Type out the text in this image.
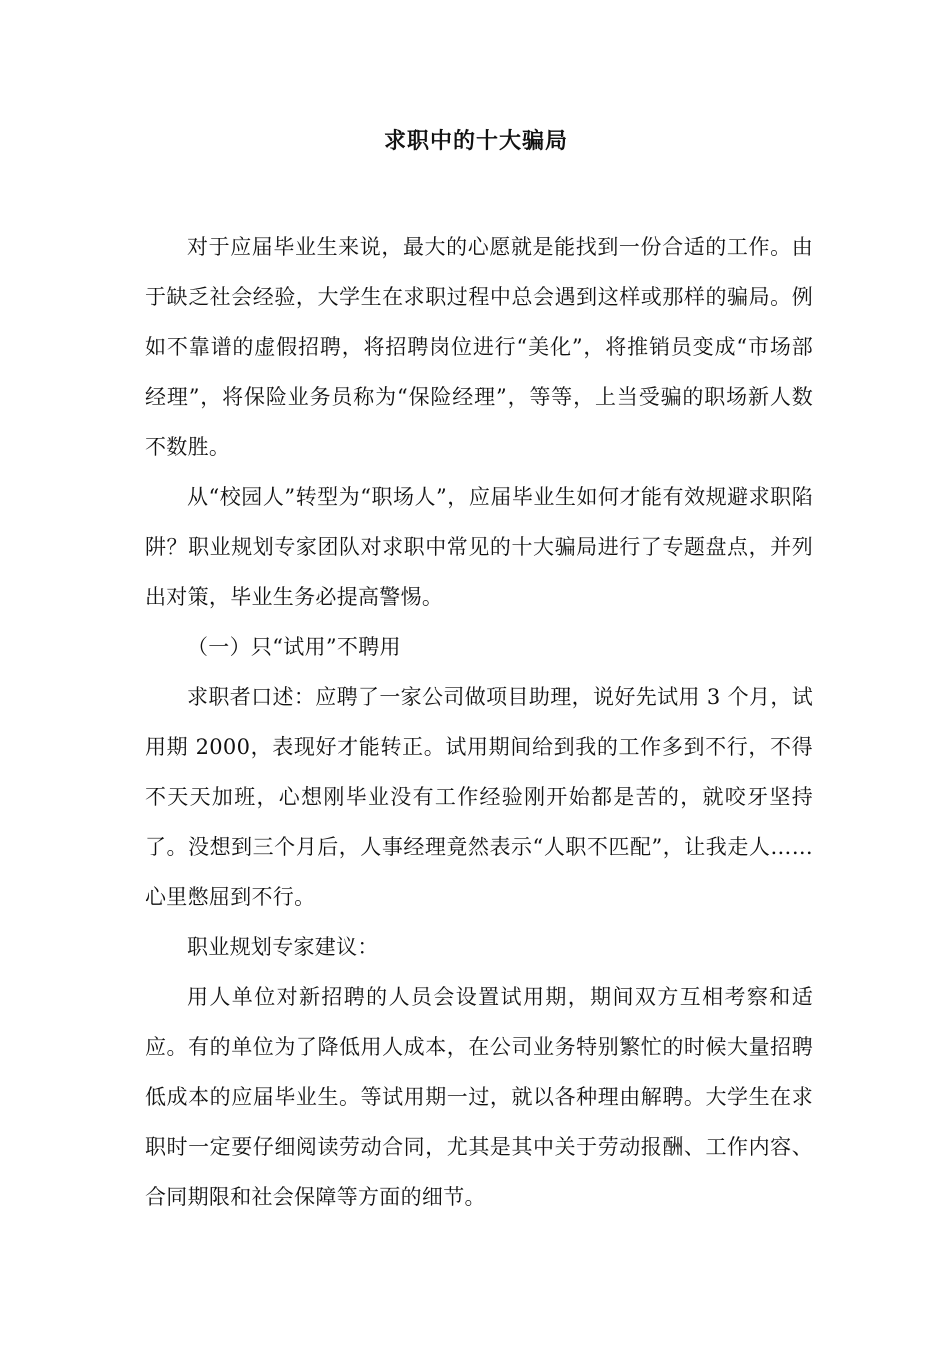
求职中的十大骗局

对于应届毕业生来说，最大的心愿就是能找到一份合适的工作。由于缺乏社会经验，大学生在求职过程中总会遇到这样或那样的骗局。例如不靠谱的虚假招聘，将招聘岗位进行“美化”，将推销员变成“市场部经理”，将保险业务员称为“保险经理”，等等，上当受骗的职场新人数不数胜。

从“校园人”转型为“职场人”，应届毕业生如何才能有效规避求职陷阱？职业规划专家团队对求职中常见的十大骗局进行了专题盘点，并列出对策，毕业生务必提高警惕。

（一）只“试用”不聘用

求职者口述：应聘了一家公司做项目助理，说好先试用 3 个月，试用期 2000，表现好才能转正。试用期间给到我的工作多到不行，不得不天天加班，心想刚毕业没有工作经验刚开始都是苦的，就咬牙坚持了。没想到三个月后，人事经理竟然表示“人职不匹配”，让我走人……心里憋屈到不行。

职业规划专家建议：

用人单位对新招聘的人员会设置试用期，期间双方互相考察和适应。有的单位为了降低用人成本，在公司业务特别繁忙的时候大量招聘低成本的应届毕业生。等试用期一过，就以各种理由解聘。大学生在求职时一定要仔细阅读劳动合同，尤其是其中关于劳动报酬、工作内容、合同期限和社会保障等方面的细节。
